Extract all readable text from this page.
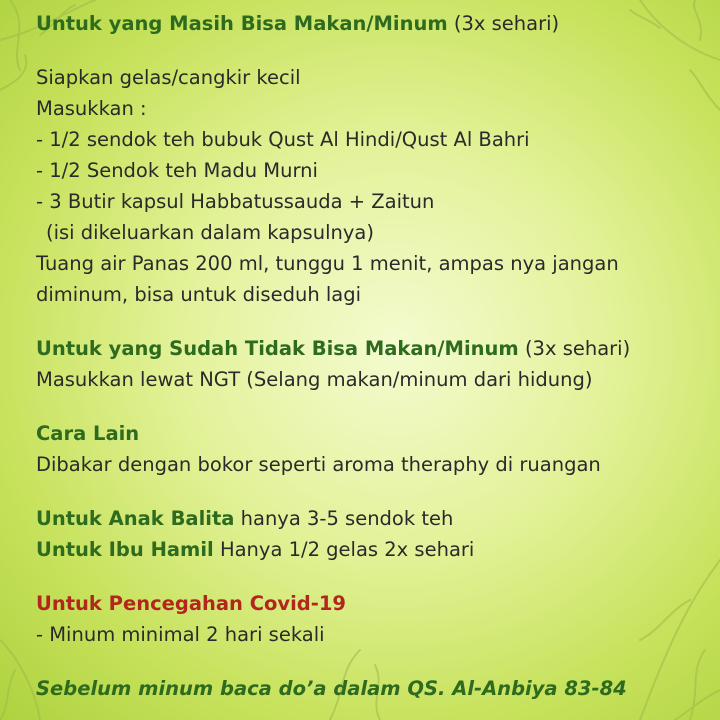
Untuk yang Masih Bisa Makan/Minum (3x sehari)
Siapkan gelas/cangkir kecil
Masukkan :
- 1/2 sendok teh bubuk Qust Al Hindi/Qust Al Bahri
- 1/2 Sendok teh Madu Murni
- 3 Butir kapsul Habbatussauda + Zaitun
(isi dikeluarkan dalam kapsulnya)
Tuang air Panas 200 ml, tunggu 1 menit, ampas nya jangan
diminum, bisa untuk diseduh lagi
Untuk yang Sudah Tidak Bisa Makan/Minum (3x sehari)
Masukkan lewat NGT (Selang makan/minum dari hidung)
Cara Lain
Dibakar dengan bokor seperti aroma theraphy di ruangan
Untuk Anak Balita hanya 3-5 sendok teh
Untuk Ibu Hamil Hanya 1/2 gelas 2x sehari
Untuk Pencegahan Covid-19
- Minum minimal 2 hari sekali
Sebelum minum baca do’a dalam QS. Al-Anbiya 83-84
